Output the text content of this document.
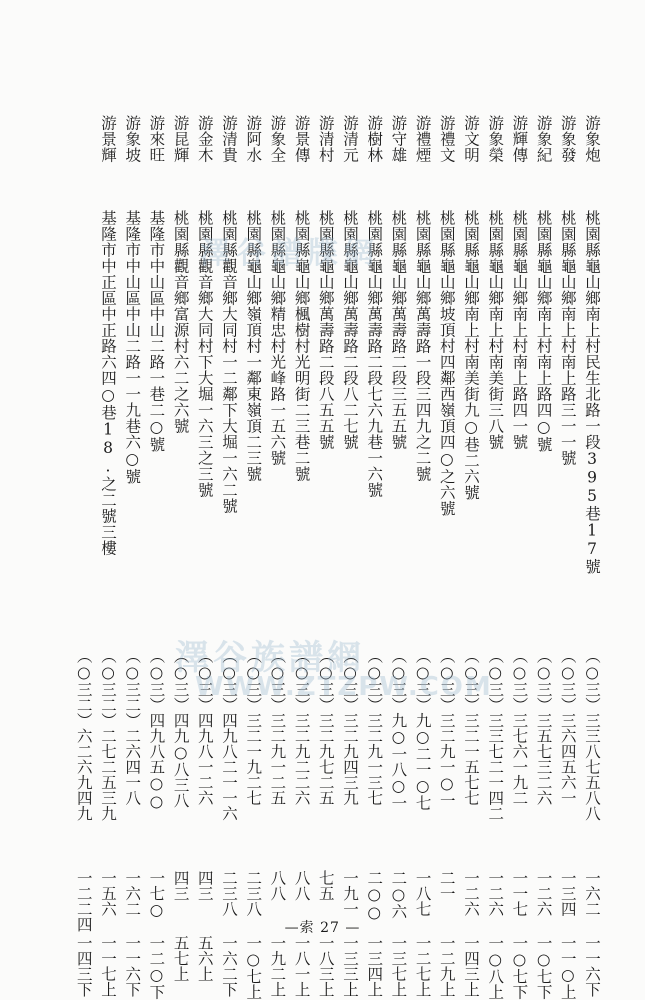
游象炮
桃園縣龜山鄉南上村民生北路一段395巷17號
（○三）三三八七五八八
一六二
一一六下
游象發
桃園縣龜山鄉南上村南上路三一一號
（○三）三六四五六一
一三四
一一○上
游象紀
桃園縣龜山鄉南上村南上路四○號
（○三）三五七三二六
一二六
一○七下
游輝傳
桃園縣龜山鄉南上村南上路四一號
（○三）三七六一九二
一一七
一○七下
游象榮
桃園縣龜山鄉南上村南美街三八號
（○三）三三七二一四二
一二六
一○八上
游文明
桃園縣龜山鄉南上村南美街九○巷二六號
（○三）三二一五七七
一二六
一四三上
游禮文
桃園縣龜山鄉坡頂村四鄰西嶺頂四○之六號
（○三）三二九一○一
二一
一二九上
游禮煙
桃園縣龜山鄉萬壽路一段三四九之二號
（○三）九○二一○七
一八七
一二七上
游守雄
桃園縣龜山鄉萬壽路二段三五五號
（○三）九○一八○一
二○六
一三七上
游樹林
桃園縣龜山鄉萬壽路二段七六九巷一六號
（○三）三二九一三七
二○○
一三四上
游清元
桃園縣龜山鄉萬壽路二段八二七號
（○三）三二九四三九
一九一
一三三上
游清村
桃園縣龜山鄉萬壽路二段八五五號
（○三）三二九七二五
七五
一八三上
游景傳
桃園縣龜山鄉楓樹村光明街二三巷二號
（○三）三二九二二六
八八
一八一上
游象全
桃園縣龜山鄉精忠村光峰路一五六號
（○三）三二九一二五
八八
一九二上
游阿水
桃園縣龜山鄉嶺頂村一鄰東嶺頂二三號
（○三）三二一九二七
二三八
一○七上
游清貴
桃園縣觀音鄉大同村一二鄰下大堀一六二號
（○三）四九八二一一六
二三八
一六二下
游金木
桃園縣觀音鄉大同村下大堀一六三之三號
（○三）四九八一二六
四三
五六上
游昆輝
桃園縣觀音鄉富源村六二之六號
（○三）四九○八三八
四三
五七上
游來旺
基隆市中山區中山二路一巷二○號
（○三）四九八五○○
一七○
一二○下
游象坡
基隆市中山區中山二路一一九巷六○號
（○三二）二六四一八
一六二
一一六下
游景輝
基隆市中正區中正路六四○巷18.之二號三樓
（○三二）二七二五三九
一五六
一一七上
（○三二）六二六九四九
一二二四
一四三下
澤谷譜牒網
澤谷族譜網
WWW.ZTZPW.COM
—索 27 —
